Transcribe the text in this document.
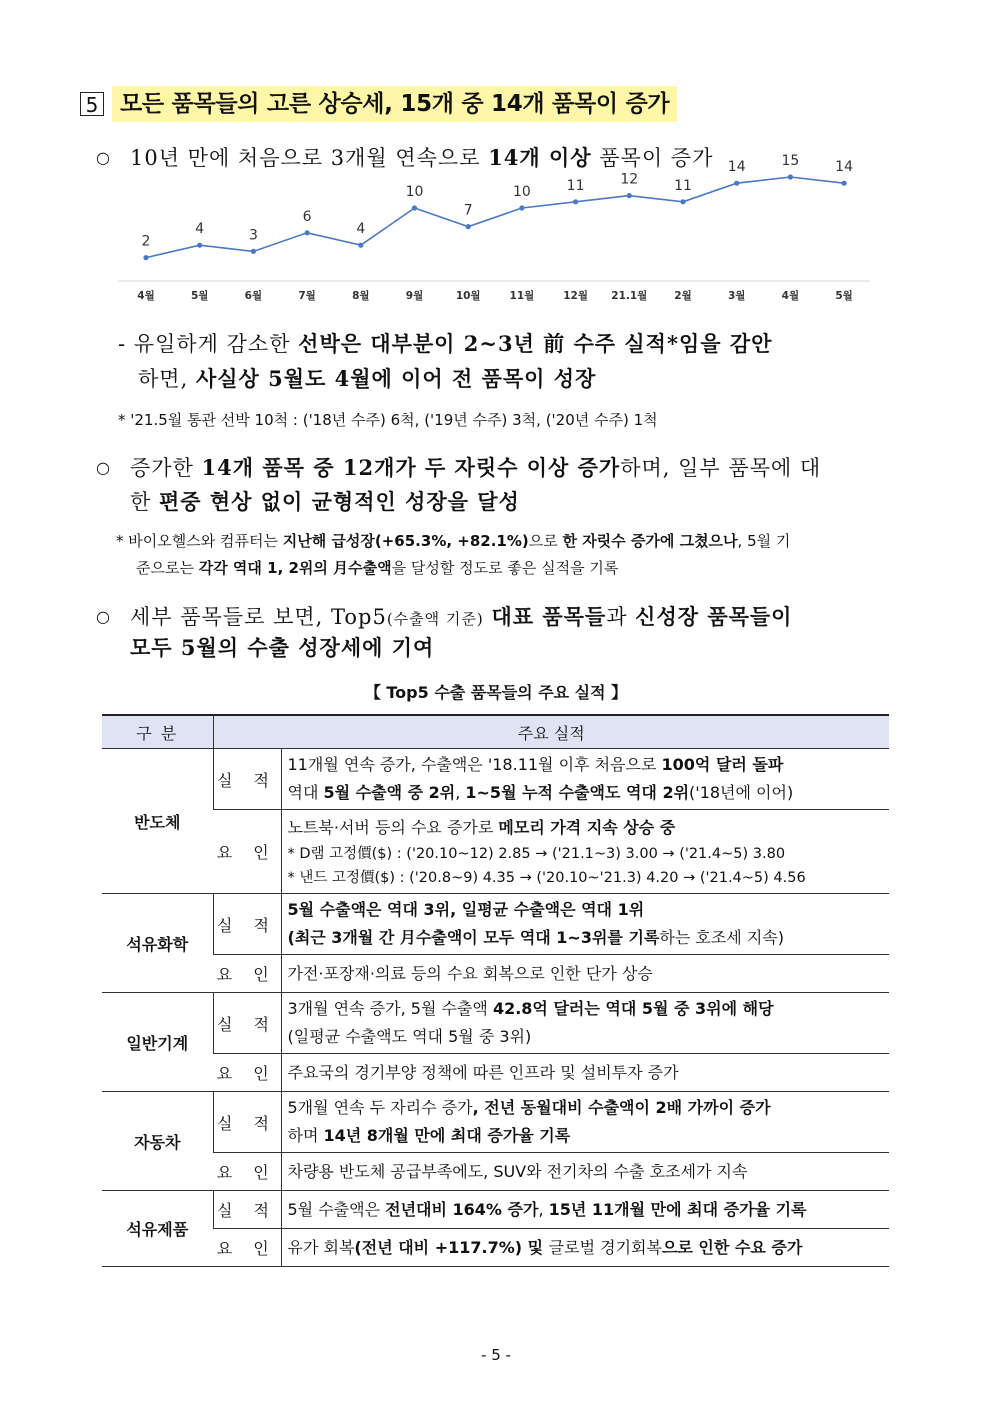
5 모든 품목들의 고른 상승세, 15개 중 14개 품목이 증가
○ 10년 만에 처음으로 3개월 연속으로 14개 이상 품목이 증가
2
4	3
6
4
10
7
10	11	12	11
14	15	14
4월	5월	6월	7월	8월	9월	10월	11월	12월 21.1월	2월	3월	4월	5월
- 유일하게 감소한 선박은 대부분이 2~3년 前 수주 실적*임을 감안
하면, 사실상 5월도 4월에 이어 전 품목이 성장
* '21.5월 통관 선박 10척 : ('18년 수주) 6척, ('19년 수주) 3척, ('20년 수주) 1척
○ 증가한 14개 품목 중 12개가 두 자릿수 이상 증가하며, 일부 품목에 대
한 편중 현상 없이 균형적인 성장을 달성
* 바이오헬스와 컴퓨터는 지난해 급성장(+65.3%, +82.1%)으로 한 자릿수 증가에 그쳤으나, 5월 기
준으로는 각각 역대 1, 2위의 月수출액을 달성할 정도로 좋은 실적을 기록
○ 세부 품목들로 보면, Top5(수출액 기준) 대표 품목들과 신성장 품목들이
모두 5월의 수출 성장세에 기여
【 Top5 수출 품목들의 주요 실적 】
구 분	주요 실적	
반도체	실 적	11개월 연속 증가, 수출액은 '18.11월 이후 처음으로 100억 달러 돌파
역대 5월 수출액 중 2위, 1~5월 누적 수출액도 역대 2위('18년에 이어)

	요 인	노트북·서버 등의 수요 증가로 메모리 가격 지속 상승 중
* D램 고정價($) : ('20.10~12) 2.85 → ('21.1~3) 3.00 → ('21.4~5) 3.80
* 낸드 고정價($) : ('20.8~9) 4.35 → ('20.10~'21.3) 4.20 → ('21.4~5) 4.56

석유화학	실 적	5월 수출액은 역대 3위, 일평균 수출액은 역대 1위
(최근 3개월 간 月수출액이 모두 역대 1~3위를 기록하는 호조세 지속)

	요 인	가전·포장재·의료 등의 수요 회복으로 인한 단가 상승

일반기계	실 적	3개월 연속 증가, 5월 수출액 42.8억 달러는 역대 5월 중 3위에 해당
(일평균 수출액도 역대 5월 중 3위)

	요 인	주요국의 경기부양 정책에 따른 인프라 및 설비투자 증가

자동차	실 적	5개월 연속 두 자리수 증가, 전년 동월대비 수출액이 2배 가까이 증가
하며 14년 8개월 만에 최대 증가율 기록

	요 인	차량용 반도체 공급부족에도, SUV와 전기차의 수출 호조세가 지속

석유제품	실 적	5월 수출액은 전년대비 164% 증가, 15년 11개월 만에 최대 증가율 기록

	요 인	유가 회복(전년 대비 +117.7%) 및 글로벌 경기회복으로 인한 수요 증가
- 5 -
